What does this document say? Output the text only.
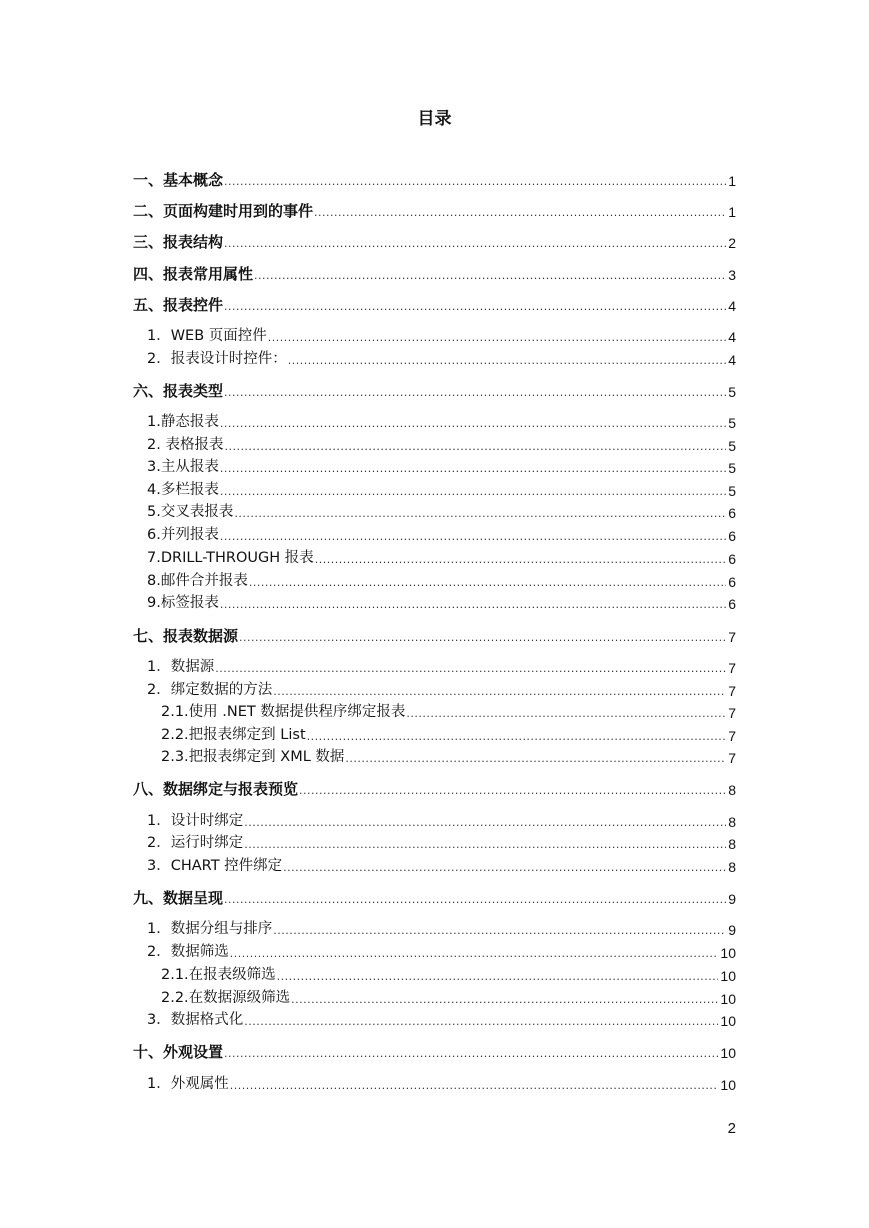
目录
一、基本概念 .....	1
二、页面构建时用到的事件 .....	1
三、报表结构 .....	2
四、报表常用属性 .....	3
五、报表控件 .....	4
1．WEB 页面控件 .....	4
2．报表设计时控件： .....	4
六、报表类型 .....	5
1.静态报表 .....	5
2. 表格报表 .....	5
3.主从报表 .....	5
4.多栏报表 .....	5
5.交叉表报表 .....	6
6.并列报表 .....	6
7.DRILL-THROUGH 报表 .....	6
8.邮件合并报表 .....	6
9.标签报表 .....	6
七、报表数据源 .....	7
1．数据源 .....	7
2．绑定数据的方法 .....	7
2.1.使用 .NET 数据提供程序绑定报表 .....	7
2.2.把报表绑定到 List .....	7
2.3.把报表绑定到 XML 数据 .....	7
八、数据绑定与报表预览 .....	8
1．设计时绑定 .....	8
2．运行时绑定 .....	8
3．CHART 控件绑定 .....	8
九、数据呈现 .....	9
1．数据分组与排序 .....	9
2．数据筛选 .....	10
2.1.在报表级筛选 .....	10
2.2.在数据源级筛选 .....	10
3．数据格式化 .....	10
十、外观设置 .....	10
1．外观属性 .....	10
2
